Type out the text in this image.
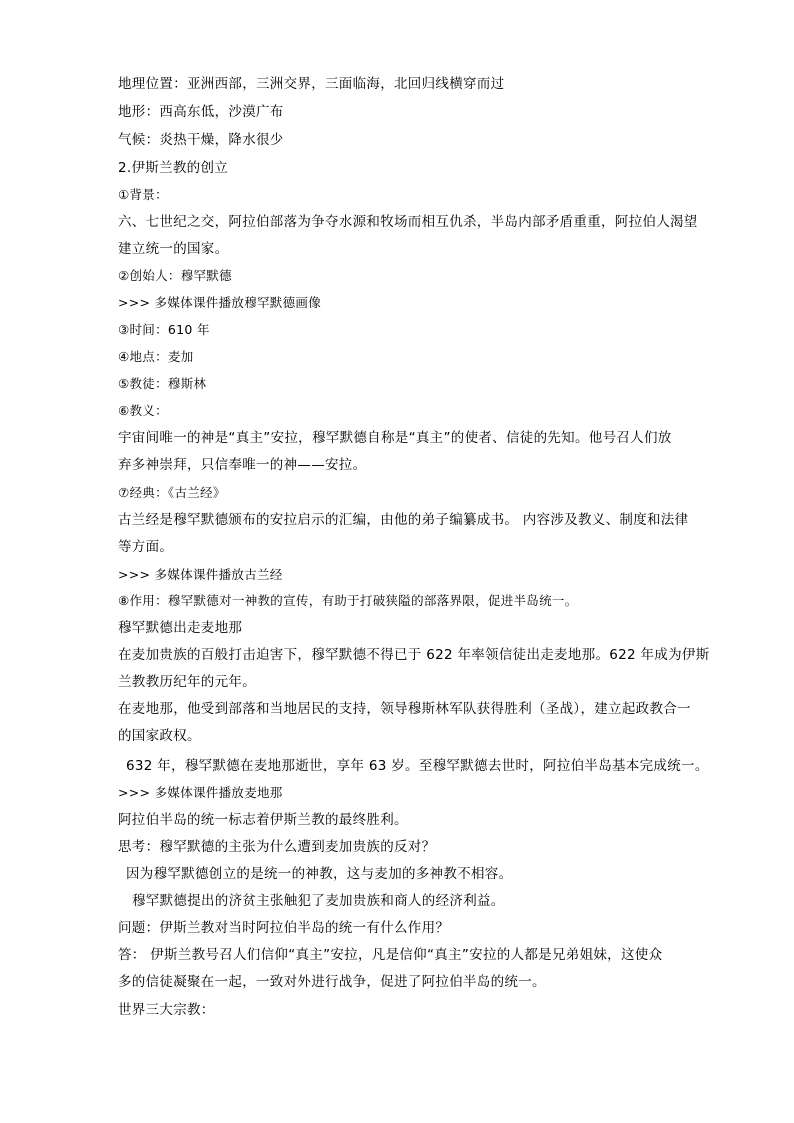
地理位置：亚洲西部，三洲交界，三面临海，北回归线横穿而过
地形：西高东低，沙漠广布
气候：炎热干燥，降水很少
2.伊斯兰教的创立
①背景：
六、七世纪之交，阿拉伯部落为争夺水源和牧场而相互仇杀，半岛内部矛盾重重，阿拉伯人渴望
建立统一的国家。
②创始人：穆罕默德
>>> 多媒体课件播放穆罕默德画像
③时间：610 年
④地点：麦加
⑤教徒：穆斯林
⑥教义：
宇宙间唯一的神是“真主”安拉，穆罕默德自称是“真主”的使者、信徒的先知。他号召人们放
弃多神崇拜，只信奉唯一的神——安拉。
⑦经典：《古兰经》
古兰经是穆罕默德颁布的安拉启示的汇编，由他的弟子编纂成书。 内容涉及教义、制度和法律
等方面。
>>> 多媒体课件播放古兰经
⑧作用：穆罕默德对一神教的宣传，有助于打破狭隘的部落界限，促进半岛统一。
穆罕默德出走麦地那
在麦加贵族的百般打击迫害下，穆罕默德不得已于 622 年率领信徒出走麦地那。622 年成为伊斯
兰教教历纪年的元年。
在麦地那，他受到部落和当地居民的支持，领导穆斯林军队获得胜利（圣战），建立起政教合一
的国家政权。
632 年，穆罕默德在麦地那逝世，享年 63 岁。至穆罕默德去世时，阿拉伯半岛基本完成统一。
>>> 多媒体课件播放麦地那
阿拉伯半岛的统一标志着伊斯兰教的最终胜利。
思考：穆罕默德的主张为什么遭到麦加贵族的反对？
因为穆罕默德创立的是统一的神教，这与麦加的多神教不相容。
穆罕默德提出的济贫主张触犯了麦加贵族和商人的经济利益。
问题：伊斯兰教对当时阿拉伯半岛的统一有什么作用？
答： 伊斯兰教号召人们信仰“真主”安拉，凡是信仰“真主”安拉的人都是兄弟姐妹，这使众
多的信徒凝聚在一起，一致对外进行战争，促进了阿拉伯半岛的统一。
世界三大宗教：
